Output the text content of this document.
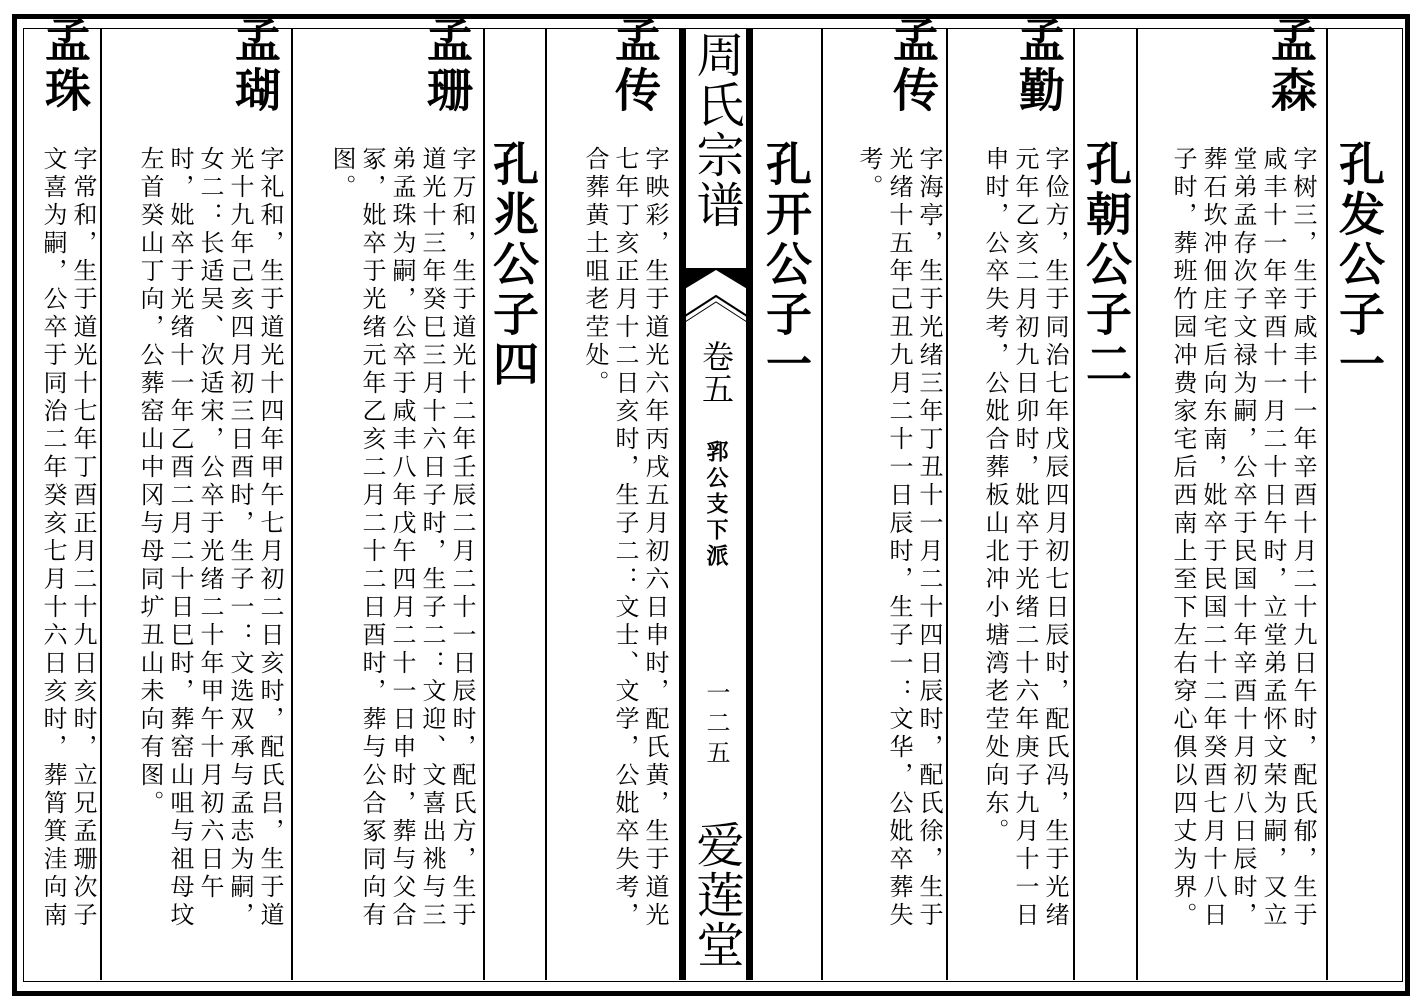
周氏宗谱
卷五
郛公支下派
一二五
爱莲堂
孔发公子一
孟森
字树三，生于咸丰十一年辛酉十月二十九日午时，配氏郁，生于咸丰十一年辛酉十一月二十日午时，立堂弟孟怀文荣为嗣，又立堂弟孟存次子文禄为嗣，公卒于民国十年辛酉十月初八日辰时，葬石坎冲佃庄宅后向东南，妣卒于民国二十二年癸酉七月十八日子时，葬班竹园冲费家宅后西南上至下左右穿心俱以四丈为界。
孔朝公子二
孟勤
字俭方，生于同治七年戊辰四月初七日辰时，配氏冯，生于光绪元年乙亥二月初九日卯时，妣卒于光绪二十六年庚子九月十一日申时，公卒失考，公妣合葬板山北冲小塘湾老茔处向东。
孟传
字海亭，生于光绪三年丁丑十一月二十四日辰时，配氏徐，生于光绪十五年己丑九月二十一日辰时，生子一：文华，公妣卒葬失考。
孔开公子一
孟传
字映彩，生于道光六年丙戌五月初六日申时，配氏黄，生于道光七年丁亥正月十二日亥时，生子二：文士、文学，公妣卒失考，合葬黄土咀老茔处。
孔兆公子四
孟珊
字万和，生于道光十二年壬辰二月二十一日辰时，配氏方，生于道光十三年癸巳三月十六日子时，生子二：文迎、文喜出祧与三弟孟珠为嗣，公卒于咸丰八年戊午四月二十一日申时，葬与父合冢，妣卒于光绪元年乙亥二月二十二日酉时，葬与公合冢同向有图。
孟瑚
字礼和，生于道光十四年甲午七月初二日亥时，配氏吕，生于道光十九年己亥四月初三日酉时，生子一：文选双承与孟志为嗣，女二：长适吴、次适宋，公卒于光绪二十年甲午十月初六日午时，妣卒于光绪十一年乙酉二月二十日巳时，葬窑山咀与祖母坟左首癸山丁向，公葬窑山中冈与母同圹丑山未向有图。
孟珠
字常和，生于道光十七年丁酉正月二十九日亥时，立兄孟珊次子文喜为嗣，公卒于同治二年癸亥七月十六日亥时，葬筲箕洼向南
